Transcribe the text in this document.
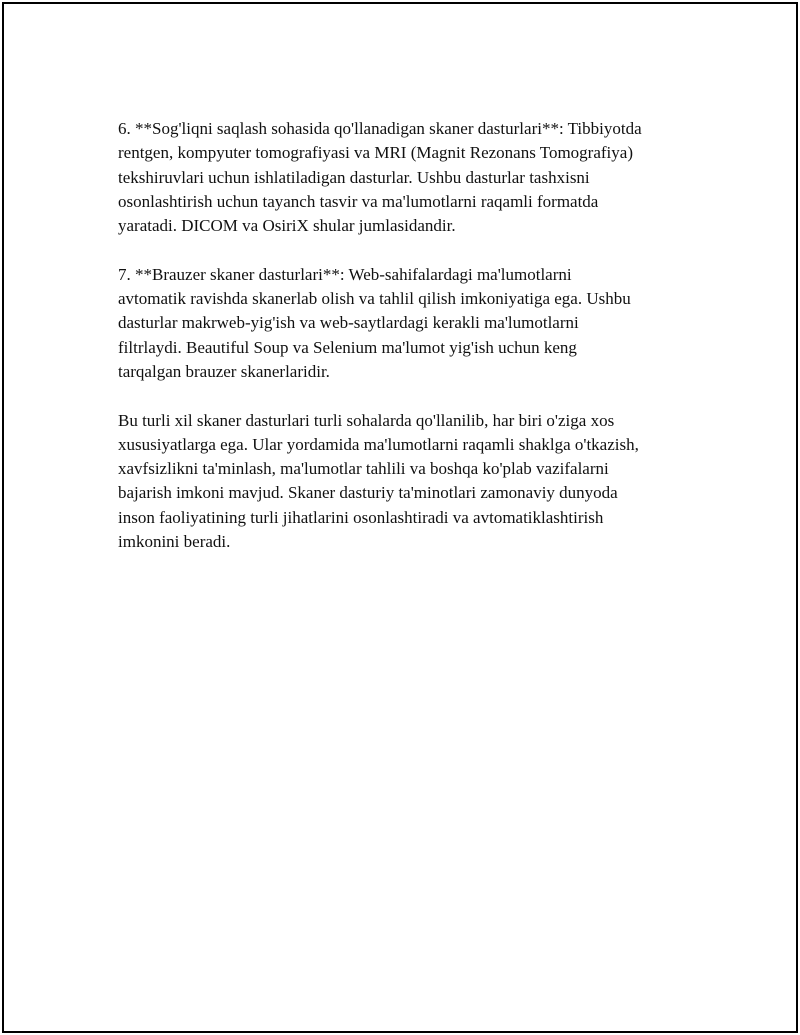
6. **Sog'liqni saqlash sohasida qo'llanadigan skaner dasturlari**: Tibbiyotda
rentgen, kompyuter tomografiyasi va MRI (Magnit Rezonans Tomografiya)
tekshiruvlari uchun ishlatiladigan dasturlar. Ushbu dasturlar tashxisni
osonlashtirish uchun tayanch tasvir va ma'lumotlarni raqamli formatda
yaratadi. DICOM va OsiriX shular jumlasidandir.

7. **Brauzer skaner dasturlari**: Web-sahifalardagi ma'lumotlarni
avtomatik ravishda skanerlab olish va tahlil qilish imkoniyatiga ega. Ushbu
dasturlar makrweb-yig'ish va web-saytlardagi kerakli ma'lumotlarni
filtrlaydi. Beautiful Soup va Selenium ma'lumot yig'ish uchun keng
tarqalgan brauzer skanerlaridir.

Bu turli xil skaner dasturlari turli sohalarda qo'llanilib, har biri o'ziga xos
xususiyatlarga ega. Ular yordamida ma'lumotlarni raqamli shaklga o'tkazish,
xavfsizlikni ta'minlash, ma'lumotlar tahlili va boshqa ko'plab vazifalarni
bajarish imkoni mavjud. Skaner dasturiy ta'minotlari zamonaviy dunyoda
inson faoliyatining turli jihatlarini osonlashtiradi va avtomatiklashtirish
imkonini beradi.
